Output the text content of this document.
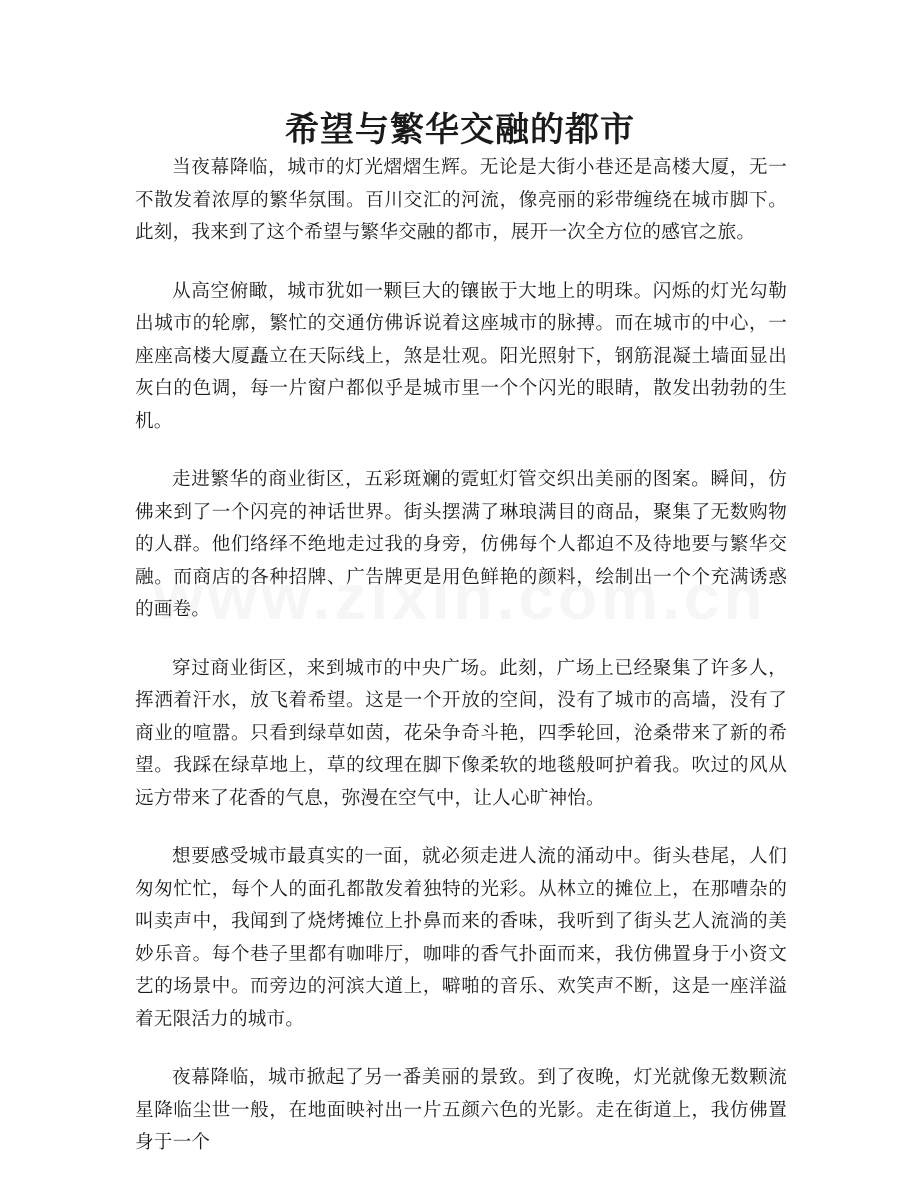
希望与繁华交融的都市

当夜幕降临，城市的灯光熠熠生辉。无论是大街小巷还是高楼大厦，无一不散发着浓厚的繁华氛围。百川交汇的河流，像亮丽的彩带缠绕在城市脚下。此刻，我来到了这个希望与繁华交融的都市，展开一次全方位的感官之旅。

从高空俯瞰，城市犹如一颗巨大的镶嵌于大地上的明珠。闪烁的灯光勾勒出城市的轮廓，繁忙的交通仿佛诉说着这座城市的脉搏。而在城市的中心，一座座高楼大厦矗立在天际线上，煞是壮观。阳光照射下，钢筋混凝土墙面显出灰白的色调，每一片窗户都似乎是城市里一个个闪光的眼睛，散发出勃勃的生机。

走进繁华的商业街区，五彩斑斓的霓虹灯管交织出美丽的图案。瞬间，仿佛来到了一个闪亮的神话世界。街头摆满了琳琅满目的商品，聚集了无数购物的人群。他们络绎不绝地走过我的身旁，仿佛每个人都迫不及待地要与繁华交融。而商店的各种招牌、广告牌更是用色鲜艳的颜料，绘制出一个个充满诱惑的画卷。

穿过商业街区，来到城市的中央广场。此刻，广场上已经聚集了许多人，挥洒着汗水，放飞着希望。这是一个开放的空间，没有了城市的高墙，没有了商业的喧嚣。只看到绿草如茵，花朵争奇斗艳，四季轮回，沧桑带来了新的希望。我踩在绿草地上，草的纹理在脚下像柔软的地毯般呵护着我。吹过的风从远方带来了花香的气息，弥漫在空气中，让人心旷神怡。

想要感受城市最真实的一面，就必须走进人流的涌动中。街头巷尾，人们匆匆忙忙，每个人的面孔都散发着独特的光彩。从林立的摊位上，在那嘈杂的叫卖声中，我闻到了烧烤摊位上扑鼻而来的香味，我听到了街头艺人流淌的美妙乐音。每个巷子里都有咖啡厅，咖啡的香气扑面而来，我仿佛置身于小资文艺的场景中。而旁边的河滨大道上，噼啪的音乐、欢笑声不断，这是一座洋溢着无限活力的城市。

夜幕降临，城市掀起了另一番美丽的景致。到了夜晚，灯光就像无数颗流星降临尘世一般，在地面映衬出一片五颜六色的光影。走在街道上，我仿佛置身于一个
